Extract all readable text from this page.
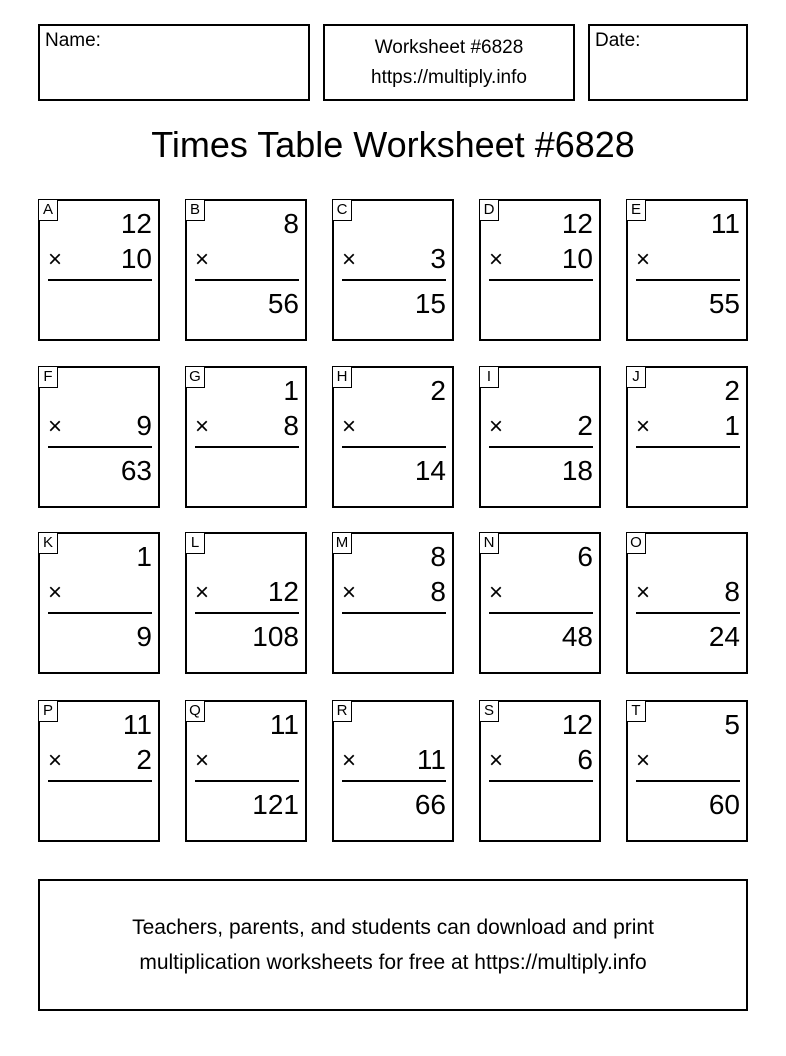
Name:	Worksheet #6828
https://multiply.info
Date:
Times Table Worksheet #6828
A 12
× 10
B	8
×
56
C
×	3
15
D 12
× 10
E 11
×
55
F
×	9
63
G	1
×	8
H	2
×
14
I
×	2
18
J	2
×	1
K	1
×
9
L
× 12
108
M	8
×	8
N	6
×
48
O
×	8
24
P 11
×	2
Q 11
×
121
R
× 11
66
S 12
×	6
T	5
×
60
Teachers, parents, and students can download and print
multiplication worksheets for free at https://multiply.info
